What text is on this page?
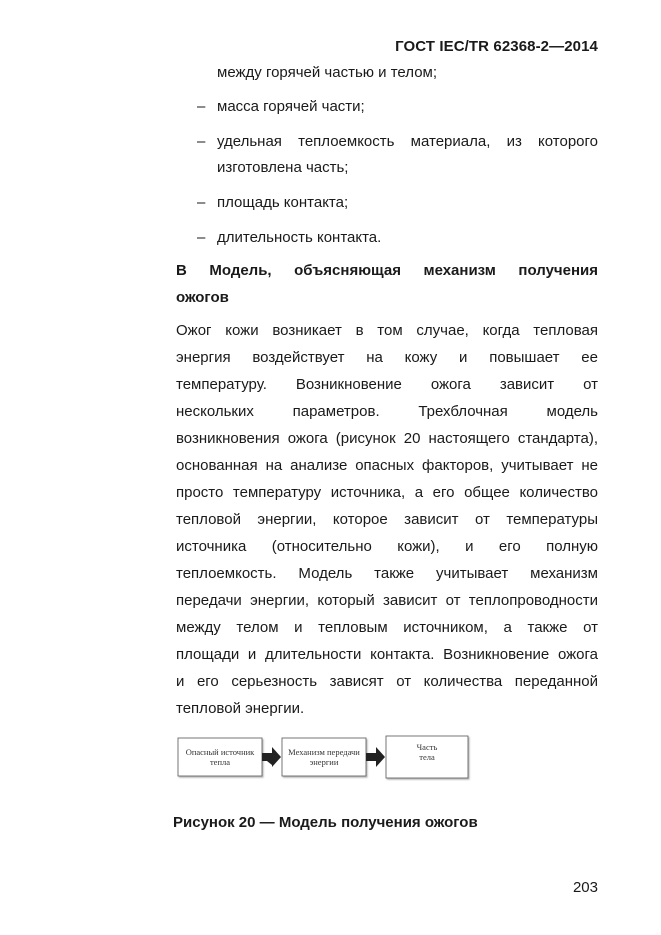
ГОСТ IEC/TR 62368-2—2014
между горячей частью и телом;
– масса горячей части;
– удельная теплоемкость материала, из которого
изготовлена часть;
– площадь контакта;
– длительность контакта.
В Модель, объясняющая механизм получения
ожогов
Ожог кожи возникает в том случае, когда тепловая
энергия воздействует на кожу и повышает ее
температуру. Возникновение ожога зависит от
нескольких параметров. Трехблочная модель
возникновения ожога (рисунок 20 настоящего стандарта),
основанная на анализе опасных факторов, учитывает не
просто температуру источника, а его общее количество
тепловой энергии, которое зависит от температуры
источника (относительно кожи), и его полную
теплоемкость. Модель также учитывает механизм
передачи энергии, который зависит от теплопроводности
между телом и тепловым источником, а также от
площади и длительности контакта. Возникновение ожога
и его серьезность зависят от количества переданной
тепловой энергии.
Опасный источник
тепла
Механизм передачи
энергии
Часть
тела
Рисунок 20 — Модель получения ожогов
203
